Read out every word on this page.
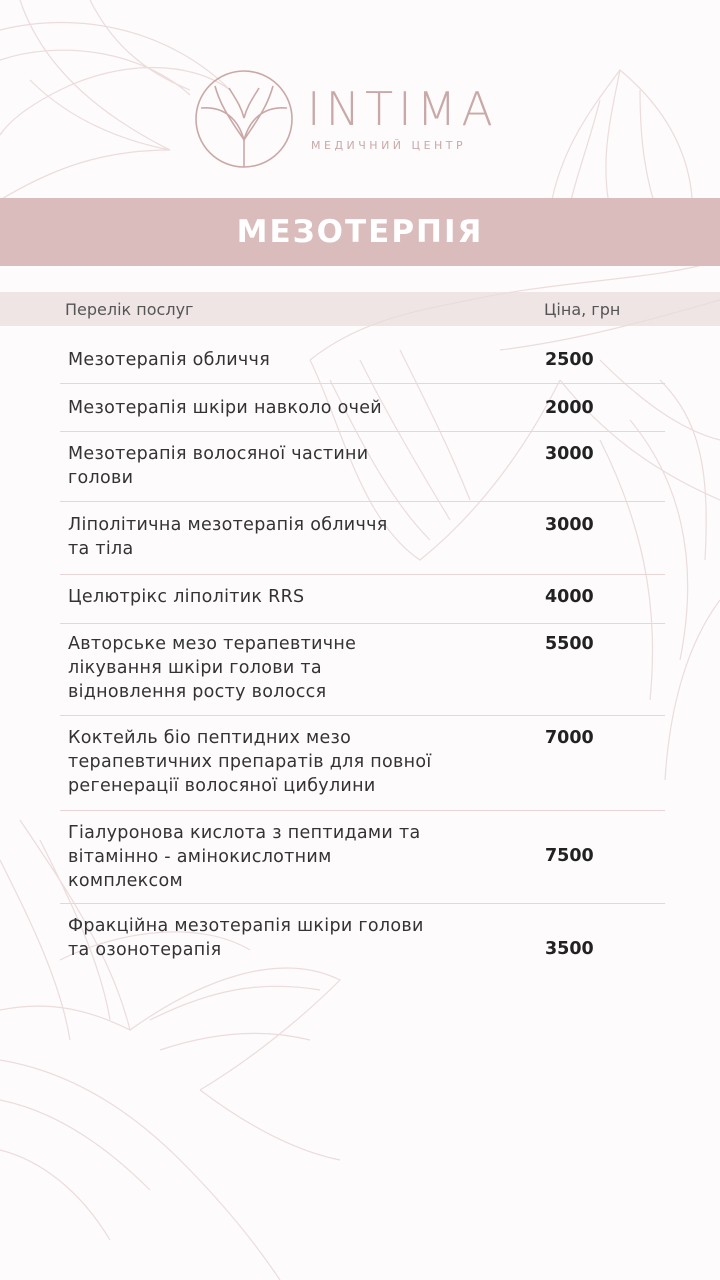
INTIMA
МЕДИЧНИЙ ЦЕНТР
МЕЗОТЕРПІЯ
Перелік послуг	Ціна, грн
Мезотерапія обличчя	2500
Мезотерапія шкіри навколо очей	2000
Мезотерапія волосяної частини
голови
3000
Ліполітична мезотерапія обличчя
та тіла
3000
Целютрікс ліполітик RRS	4000
Авторське мезо терапевтичне
лікування шкіри голови та
відновлення росту волосся
5500
Коктейль біо пептидних мезо
терапевтичних препаратів для повної
регенерації волосяної цибулини
7000
Гіалуронова кислота з пептидами та
вітамінно - амінокислотним
комплексом
7500
Фракційна мезотерапія шкіри голови
та озонотерапія	3500
